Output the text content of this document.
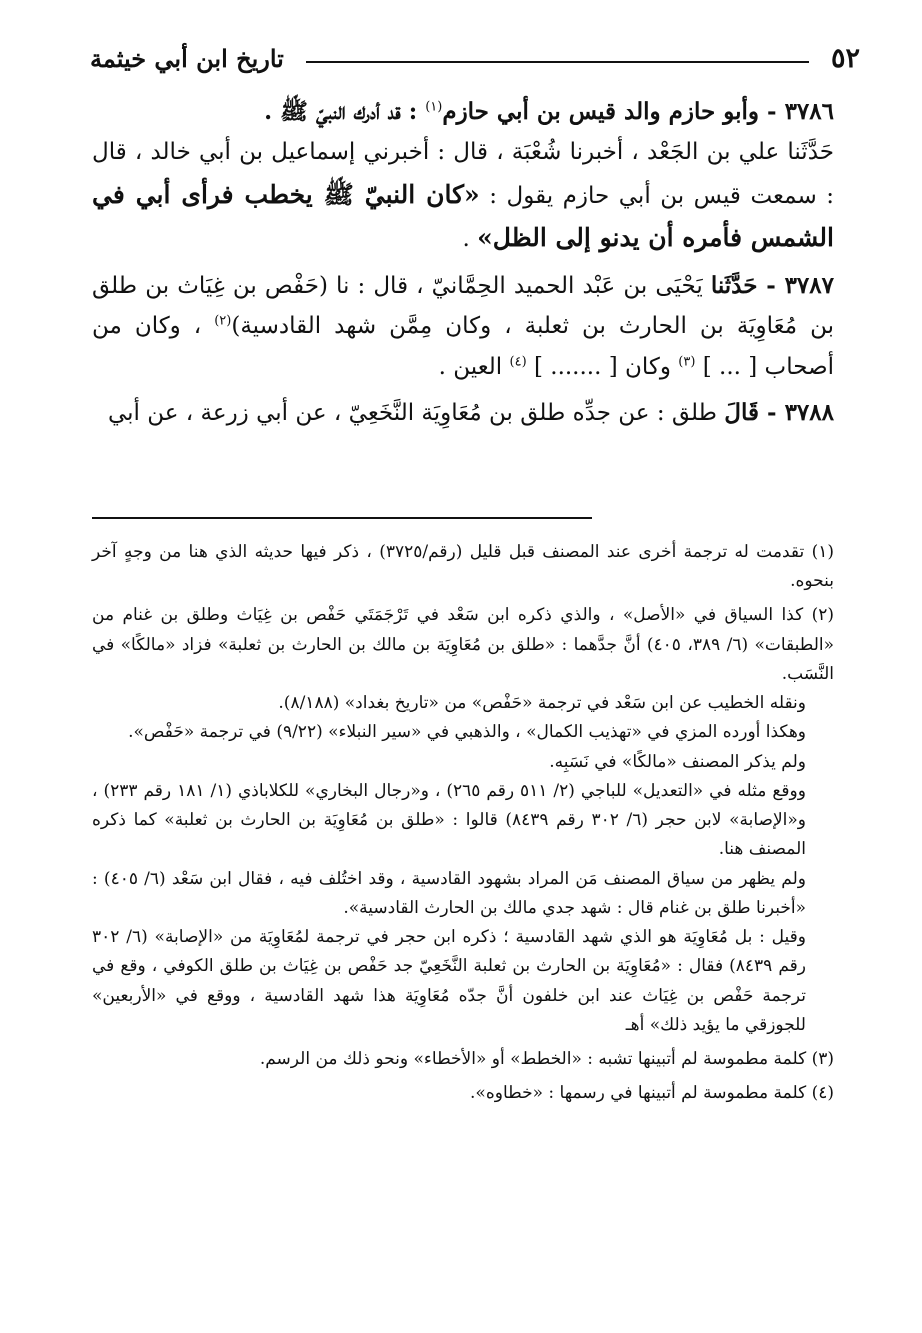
٥٢
تاريخ ابن أبي خيثمة

٣٧٨٦ - وأبو حازم والد قيس بن أبي حازم$^{(١)}$ : قد أدرك النبيّ ﷺ .
حَدَّثَنا علي بن الجَعْد ، أخبرنا شُعْبَة ، قال : أخبرني إسماعيل بن أبي خالد ، قال : سمعت قيس بن أبي حازم يقول : «كان النبيّ ﷺ يخطب فرأى أبي في الشمس فأمره أن يدنو إلى الظل» .

٣٧٨٧ - حَدَّثَنا يَحْيَى بن عَبْد الحميد الحِمَّانيّ ، قال : نا (حَفْص بن غِيَاث بن طلق بن مُعَاوِيَة بن الحارث بن ثعلبة ، وكان مِمَّن شهد القادسية)$^{(٢)}$ ، وكان من أصحاب [ ... ] $^{(٣)}$ وكان [ ....... ] $^{(٤)}$ العين .

٣٧٨٨ - قَالَ طلق : عن جدِّه طلق بن مُعَاوِيَة النَّخَعِيّ ، عن أبي زرعة ، عن أبي

(١) تقدمت له ترجمة أخرى عند المصنف قبل قليل (رقم/٣٧٢٥) ، ذكر فيها حديثه الذي هنا من وجهٍ آخر بنحوه.

(٢) كذا السياق في «الأصل» ، والذي ذكره ابن سَعْد في تَرْجَمَتَي حَفْص بن غِيَاث وطلق بن غنام من «الطبقات» (٦/ ٣٨٩، ٤٠٥) أنَّ جدَّهما : «طلق بن مُعَاوِيَة بن مالك بن الحارث بن ثعلبة» فزاد «مالكًا» في النَّسَب.
ونقله الخطيب عن ابن سَعْد في ترجمة «حَفْص» من «تاريخ بغداد» (٨/١٨٨).
وهكذا أورده المزي في «تهذيب الكمال» ، والذهبي في «سير النبلاء» (٩/٢٢) في ترجمة «حَفْص».
ولم يذكر المصنف «مالكًا» في نَسَبِه.
ووقع مثله في «التعديل» للباجي (٢/ ٥١١ رقم ٢٦٥) ، و«رجال البخاري» للكلاباذي (١/ ١٨١ رقم ٢٣٣) ، و«الإصابة» لابن حجر (٦/ ٣٠٢ رقم ٨٤٣٩) قالوا : «طلق بن مُعَاوِيَة بن الحارث بن ثعلبة» كما ذكره المصنف هنا.
ولم يظهر من سياق المصنف مَن المراد بشهود القادسية ، وقد اختُلف فيه ، فقال ابن سَعْد (٦/ ٤٠٥) : «أخبرنا طلق بن غنام قال : شهد جدي مالك بن الحارث القادسية».
وقيل : بل مُعَاوِيَة هو الذي شهد القادسية ؛ ذكره ابن حجر في ترجمة لمُعَاوِيَة من «الإصابة» (٦/ ٣٠٢ رقم ٨٤٣٩) فقال : «مُعَاوِيَة بن الحارث بن ثعلبة النَّخَعِيّ جد حَفْص بن غِيَاث بن طلق الكوفي ، وقع في ترجمة حَفْص بن غِيَاث عند ابن خلفون أنَّ جدّه مُعَاوِيَة هذا شهد القادسية ، ووقع في «الأربعين» للجوزقي ما يؤيد ذلك» أهـ

(٣) كلمة مطموسة لم أتبينها تشبه : «الخطط» أو «الأخطاء» ونحو ذلك من الرسم.

(٤) كلمة مطموسة لم أتبينها في رسمها : «خطاوه».
